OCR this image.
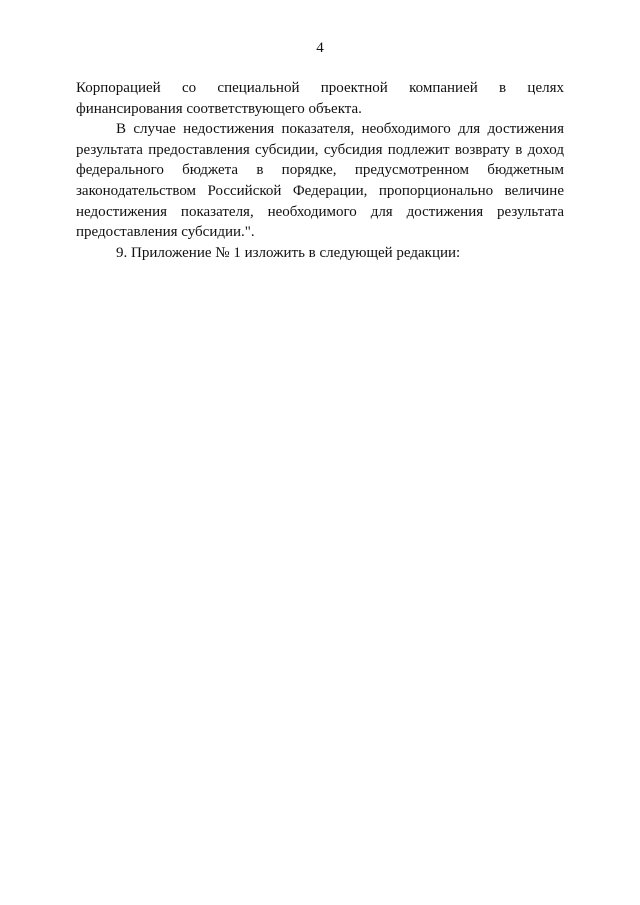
4

Корпорацией со специальной проектной компанией в целях
финансирования соответствующего объекта.

В случае недостижения показателя, необходимого для достижения
результата предоставления субсидии, субсидия подлежит возврату в доход
федерального бюджета в порядке, предусмотренном бюджетным
законодательством Российской Федерации, пропорционально величине
недостижения показателя, необходимого для достижения результата
предоставления субсидии.".

9. Приложение № 1 изложить в следующей редакции:
